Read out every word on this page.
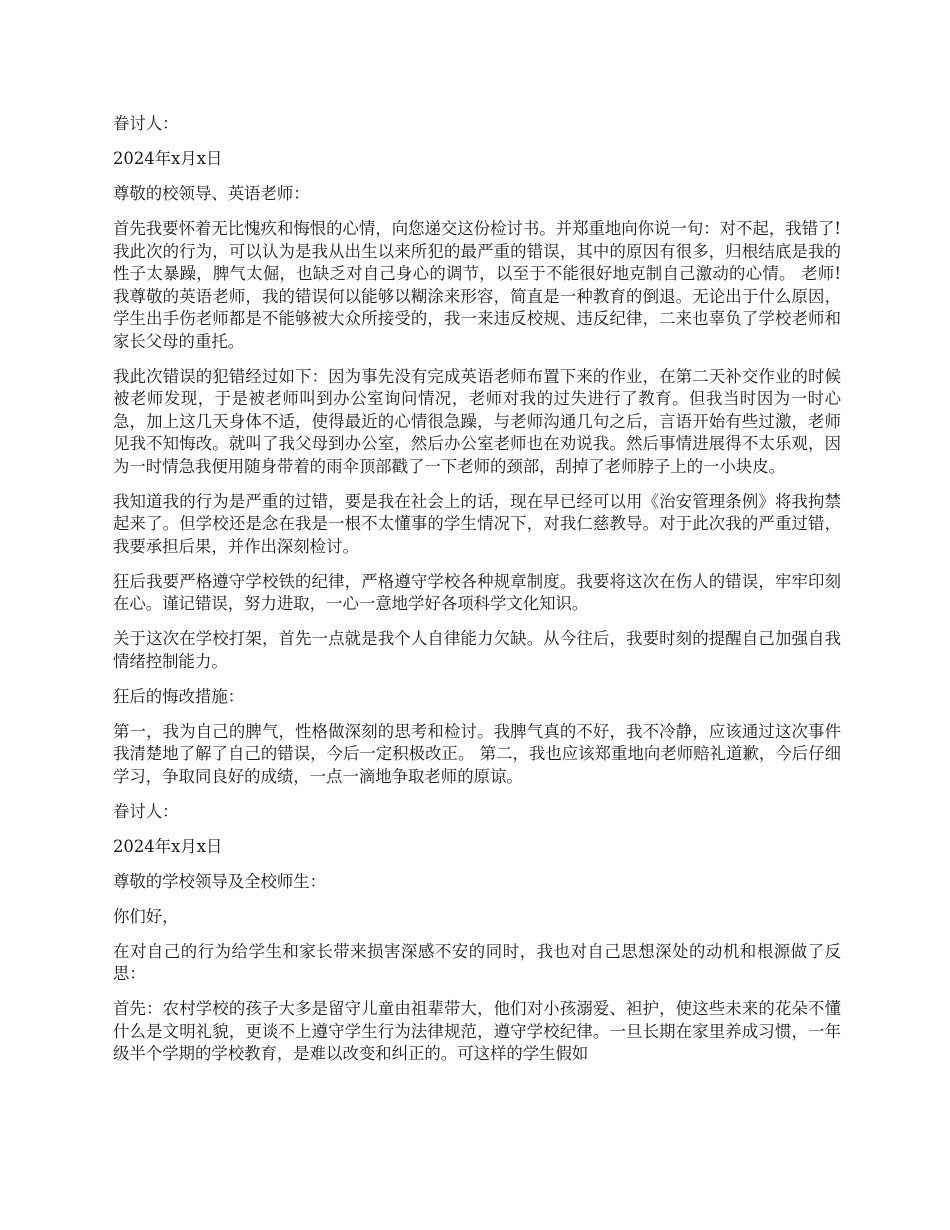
眷讨人：

2024年x月x日

尊敬的校领导、英语老师：

首先我要怀着无比愧疚和悔恨的心情，向您递交这份检讨书。并郑重地向你说一句：对不起，我错了!我此次的行为，可以认为是我从出生以来所犯的最严重的错误，其中的原因有很多，归根结底是我的性子太暴躁，脾气太倔，也缺乏对自己身心的调节，以至于不能很好地克制自己激动的心情。 老师!我尊敬的英语老师，我的错误何以能够以糊涂来形容，简直是一种教育的倒退。无论出于什么原因，学生出手伤老师都是不能够被大众所接受的，我一来违反校规、违反纪律，二来也辜负了学校老师和家长父母的重托。

我此次错误的犯错经过如下：因为事先没有完成英语老师布置下来的作业，在第二天补交作业的时候被老师发现，于是被老师叫到办公室询问情况，老师对我的过失进行了教育。但我当时因为一时心急，加上这几天身体不适，使得最近的心情很急躁，与老师沟通几句之后，言语开始有些过激，老师见我不知悔改。就叫了我父母到办公室，然后办公室老师也在劝说我。然后事情进展得不太乐观，因为一时情急我便用随身带着的雨伞顶部戳了一下老师的颈部，刮掉了老师脖子上的一小块皮。

我知道我的行为是严重的过错，要是我在社会上的话，现在早已经可以用《治安管理条例》将我拘禁起来了。但学校还是念在我是一根不太懂事的学生情况下，对我仁慈教导。对于此次我的严重过错，我要承担后果，并作出深刻检讨。

狂后我要严格遵守学校铁的纪律，严格遵守学校各种规章制度。我要将这次在伤人的错误，牢牢印刻在心。谨记错误，努力进取，一心一意地学好各项科学文化知识。

关于这次在学校打架，首先一点就是我个人自律能力欠缺。从今往后，我要时刻的提醒自己加强自我情绪控制能力。

狂后的悔改措施：

第一，我为自己的脾气，性格做深刻的思考和检讨。我脾气真的不好，我不冷静，应该通过这次事件我清楚地了解了自己的错误，今后一定积极改正。 第二，我也应该郑重地向老师赔礼道歉，今后仔细学习，争取同良好的成绩，一点一滴地争取老师的原谅。

眷讨人：

2024年x月x日

尊敬的学校领导及全校师生：

你们好，

在对自己的行为给学生和家长带来损害深感不安的同时，我也对自己思想深处的动机和根源做了反思：

首先：农村学校的孩子大多是留守儿童由祖辈带大，他们对小孩溺爱、袒护，使这些未来的花朵不懂什么是文明礼貌，更谈不上遵守学生行为法律规范，遵守学校纪律。一旦长期在家里养成习惯，一年级半个学期的学校教育，是难以改变和纠正的。可这样的学生假如
